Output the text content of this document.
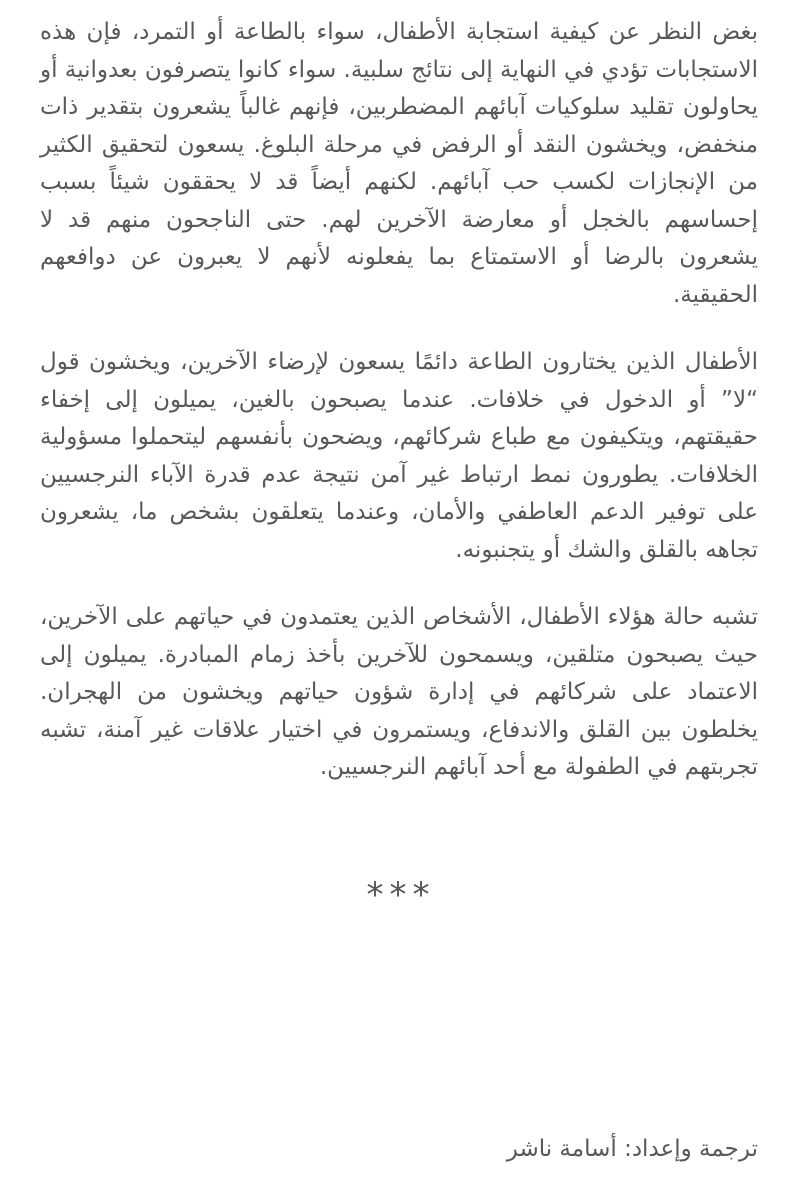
بغض النظر عن كيفية استجابة الأطفال، سواء بالطاعة أو التمرد، فإن هذه الاستجابات تؤدي في النهاية إلى نتائج سلبية. سواء كانوا يتصرفون بعدوانية أو يحاولون تقليد سلوكيات آبائهم المضطربين، فإنهم غالباً يشعرون بتقدير ذات منخفض، ويخشون النقد أو الرفض في مرحلة البلوغ. يسعون لتحقيق الكثير من الإنجازات لكسب حب آبائهم. لكنهم أيضاً قد لا يحققون شيئاً بسبب إحساسهم بالخجل أو معارضة الآخرين لهم. حتى الناجحون منهم قد لا يشعرون بالرضا أو الاستمتاع بما يفعلونه لأنهم لا يعبرون عن دوافعهم الحقيقية.

الأطفال الذين يختارون الطاعة دائمًا يسعون لإرضاء الآخرين، ويخشون قول “لا” أو الدخول في خلافات. عندما يصبحون بالغين، يميلون إلى إخفاء حقيقتهم، ويتكيفون مع طباع شركائهم، ويضحون بأنفسهم ليتحملوا مسؤولية الخلافات. يطورون نمط ارتباط غير آمن نتيجة عدم قدرة الآباء النرجسيين على توفير الدعم العاطفي والأمان، وعندما يتعلقون بشخص ما، يشعرون تجاهه بالقلق والشك أو يتجنبونه.

تشبه حالة هؤلاء الأطفال، الأشخاص الذين يعتمدون في حياتهم على الآخرين، حيث يصبحون متلقين، ويسمحون للآخرين بأخذ زمام المبادرة. يميلون إلى الاعتماد على شركائهم في إدارة شؤون حياتهم ويخشون من الهجران. يخلطون بين القلق والاندفاع، ويستمرون في اختيار علاقات غير آمنة، تشبه تجربتهم في الطفولة مع أحد آبائهم النرجسيين.

***
ترجمة وإعداد: أسامة ناشر
